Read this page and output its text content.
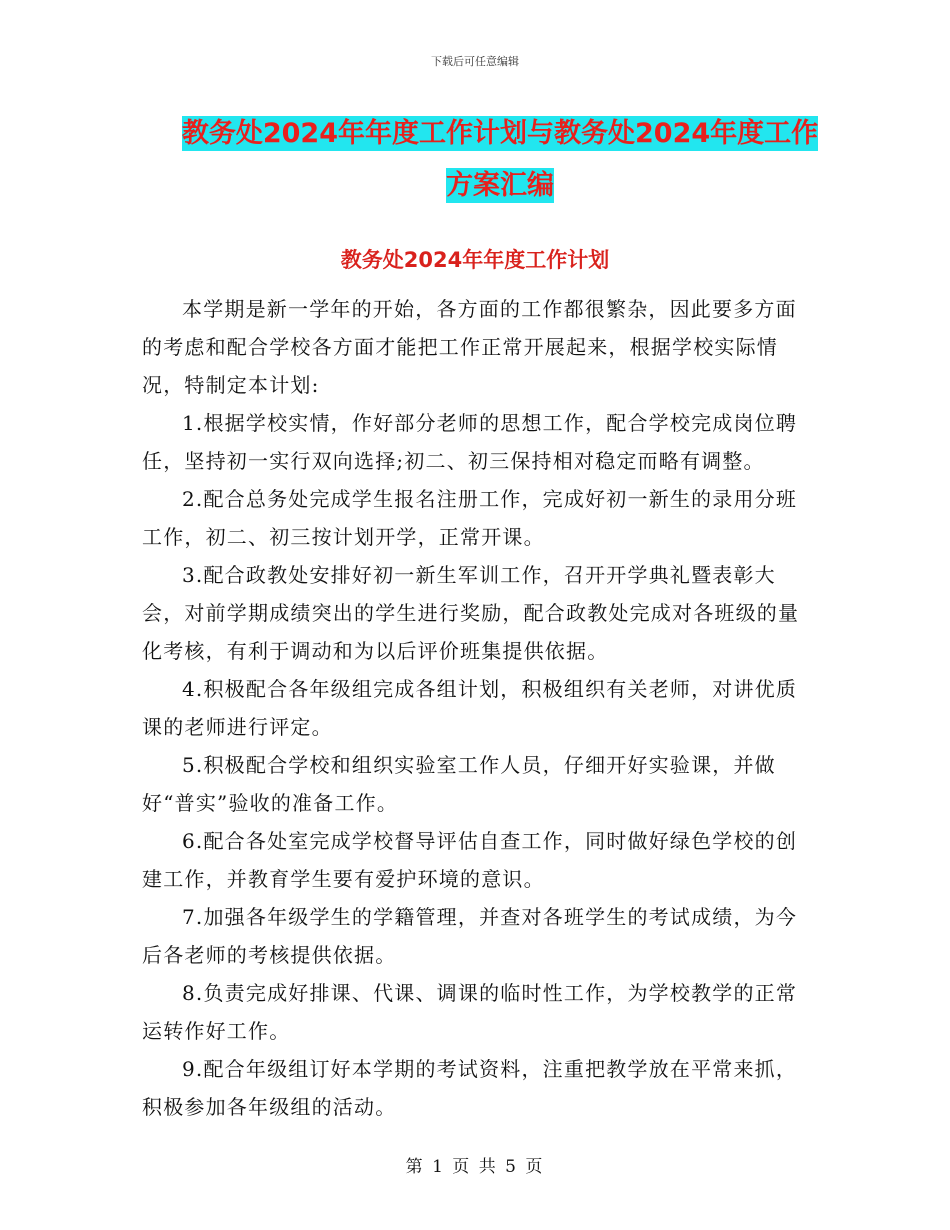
下载后可任意编辑
教务处2024年年度工作计划与教务处2024年度工作
方案汇编
教务处2024年年度工作计划

本学期是新一学年的开始，各方面的工作都很繁杂，因此要多方面的考虑和配合学校各方面才能把工作正常开展起来，根据学校实际情况，特制定本计划:

1.根据学校实情，作好部分老师的思想工作，配合学校完成岗位聘任，坚持初一实行双向选择;初二、初三保持相对稳定而略有调整。

2.配合总务处完成学生报名注册工作，完成好初一新生的录用分班工作，初二、初三按计划开学，正常开课。

3.配合政教处安排好初一新生军训工作，召开开学典礼暨表彰大会，对前学期成绩突出的学生进行奖励，配合政教处完成对各班级的量化考核，有利于调动和为以后评价班集提供依据。

4.积极配合各年级组完成各组计划，积极组织有关老师，对讲优质课的老师进行评定。

5.积极配合学校和组织实验室工作人员，仔细开好实验课，并做好“普实”验收的准备工作。

6.配合各处室完成学校督导评估自查工作，同时做好绿色学校的创建工作，并教育学生要有爱护环境的意识。

7.加强各年级学生的学籍管理，并查对各班学生的考试成绩，为今后各老师的考核提供依据。

8.负责完成好排课、代课、调课的临时性工作，为学校教学的正常运转作好工作。

9.配合年级组订好本学期的考试资料，注重把教学放在平常来抓，积极参加各年级组的活动。

第 1 页 共 5 页
